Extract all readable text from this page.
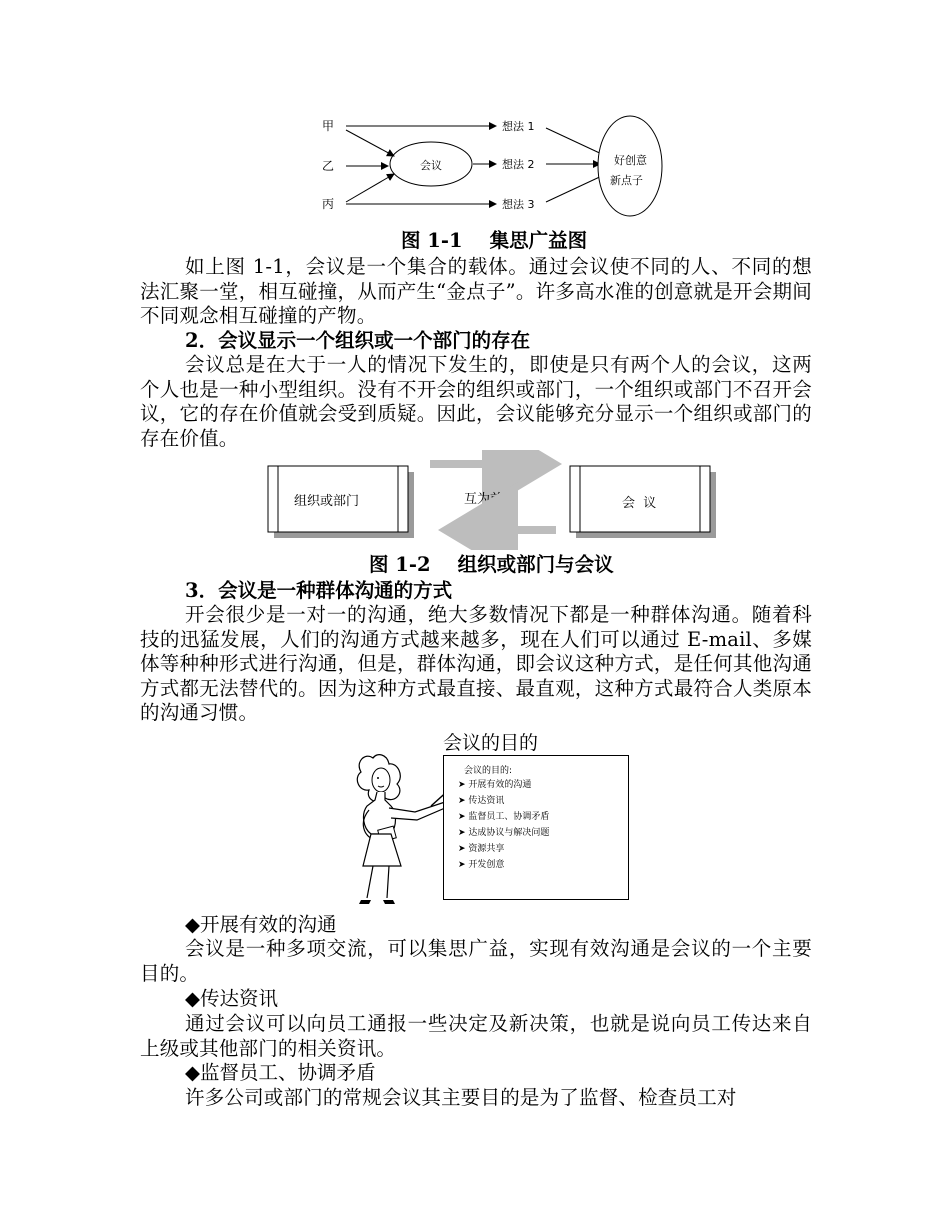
甲
乙
丙
会议
想法 1
想法 2
想法 3
好创意
新点子
图 1-1    集思广益图
如上图 1-1，会议是一个集合的载体。通过会议使不同的人、不同的想法汇聚一堂，相互碰撞，从而产生“金点子”。许多高水准的创意就是开会期间不同观念相互碰撞的产物。
2．会议显示一个组织或一个部门的存在
会议总是在大于一人的情况下发生的，即使是只有两个人的会议，这两个人也是一种小型组织。没有不开会的组织或部门，一个组织或部门不召开会议，它的存在价值就会受到质疑。因此，会议能够充分显示一个组织或部门的存在价值。
组织或部门	互为前提	会  议
图 1-2    组织或部门与会议
3．会议是一种群体沟通的方式
开会很少是一对一的沟通，绝大多数情况下都是一种群体沟通。随着科技的迅猛发展，人们的沟通方式越来越多，现在人们可以通过 E-mail、多媒体等种种形式进行沟通，但是，群体沟通，即会议这种方式，是任何其他沟通方式都无法替代的。因为这种方式最直接、最直观，这种方式最符合人类原本的沟通习惯。
会议的目的
会议的目的:
➤ 开展有效的沟通
➤ 传达资讯
➤ 监督员工、协调矛盾
➤ 达成协议与解决问题
➤ 资源共享
➤ 开发创意
◆开展有效的沟通
会议是一种多项交流，可以集思广益，实现有效沟通是会议的一个主要目的。
◆传达资讯
通过会议可以向员工通报一些决定及新决策，也就是说向员工传达来自上级或其他部门的相关资讯。
◆监督员工、协调矛盾
许多公司或部门的常规会议其主要目的是为了监督、检查员工对
